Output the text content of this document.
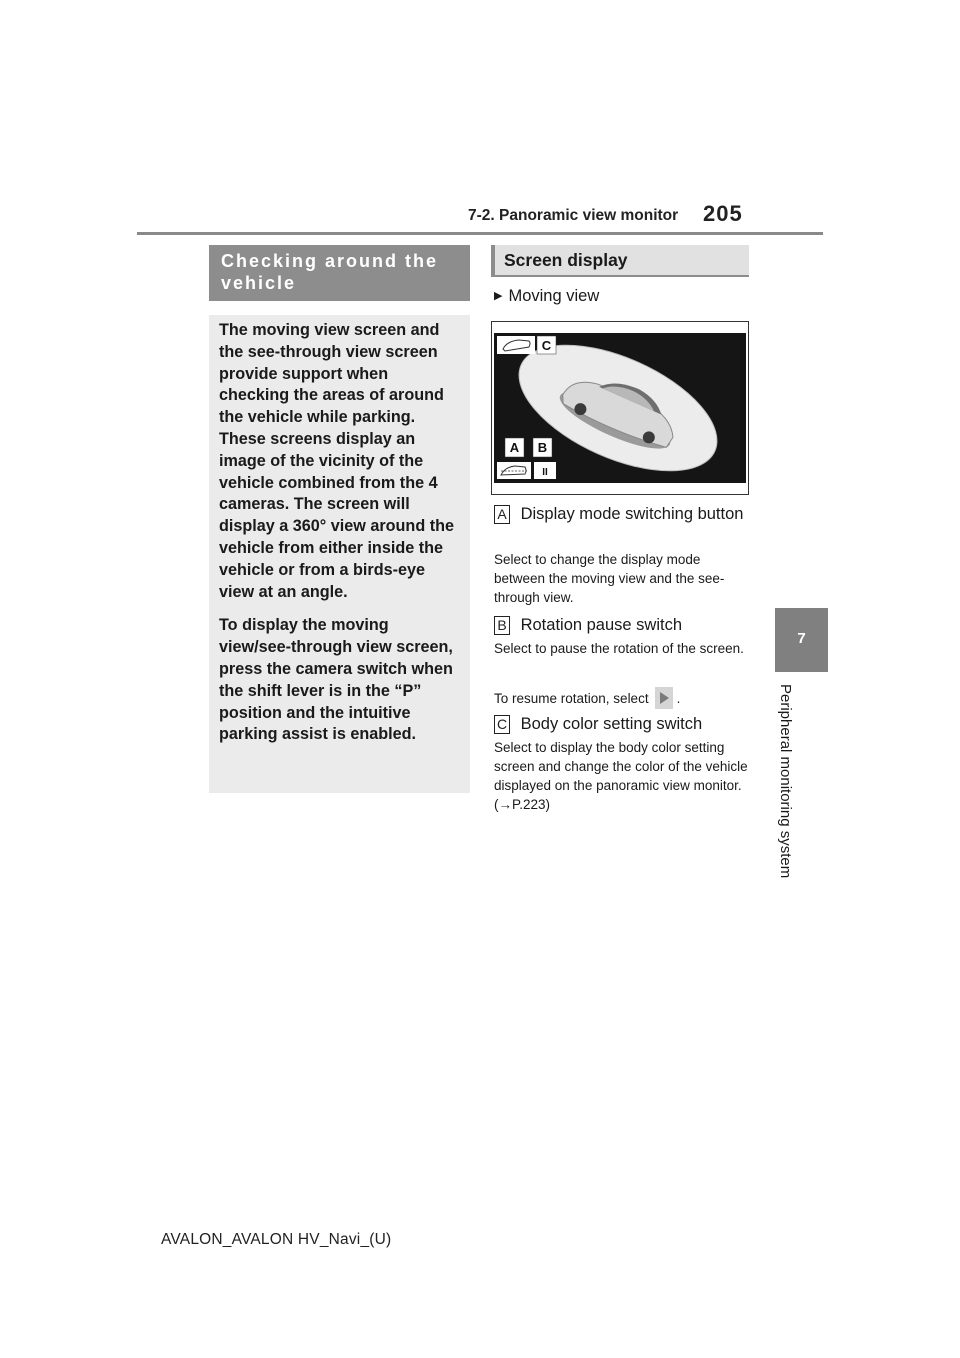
7-2. Panoramic view monitor 205
7
Peripheral monitoring system
Checking around the vehicle

The moving view screen and the see-through view screen provide support when checking the areas of around the vehicle while parking. These screens display an image of the vicinity of the vehicle combined from the 4 cameras. The screen will display a 360° view around the vehicle from either inside the vehicle or from a birds-eye view at an angle.

To display the moving view/see-through view screen, press the camera switch when the shift lever is in the “P” position and the intuitive parking assist is enabled.

Screen display
▶ Moving view
C
A B
II
A Display mode switching button
Select to change the display mode between the moving view and the see-through view.
B Rotation pause switch
Select to pause the rotation of the screen.
To resume rotation, select .
C Body color setting switch
Select to display the body color setting screen and change the color of the vehicle displayed on the panoramic view monitor. (→P.223)
AVALON_AVALON HV_Navi_(U)
